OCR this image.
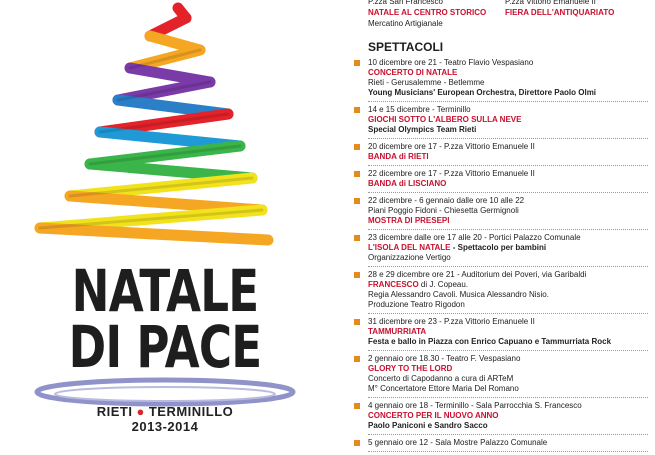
NATALE
DI PACE
RIETI ● TERMINILLO
2013-2014
P.zza San Francesco
NATALE AL CENTRO STORICO
Mercatino Artigianale
P.zza Vittorio Emanuele II
FIERA DELL'ANTIQUARIATO
SPETTACOLI
10 dicembre ore 21 - Teatro Flavio Vespasiano
CONCERTO DI NATALE
Rieti - Gerusalemme - Betlemme
Young Musicians' European Orchestra, Direttore Paolo Olmi
14 e 15 dicembre - Terminillo
GIOCHI SOTTO L'ALBERO SULLA NEVE
Special Olympics Team Rieti
20 dicembre ore 17 - P.zza Vittorio Emanuele II
BANDA di RIETI
22 dicembre ore 17 - P.zza Vittorio Emanuele II
BANDA di LISCIANO
22 dicembre - 6 gennaio dalle ore 10 alle 22
Piani Poggio Fidoni - Chiesetta Germignoli
MOSTRA DI PRESEPI
23 dicembre dalle ore 17 alle 20 - Portici Palazzo Comunale
L'ISOLA DEL NATALE - Spettacolo per bambini
Organizzazione Vertigo
28 e 29 dicembre ore 21 - Auditorium dei Poveri, via Garibaldi
FRANCESCO di J. Copeau.
Regia Alessandro Cavoli. Musica Alessandro Nisio.
Produzione Teatro Rigodon
31 dicembre ore 23 - P.zza Vittorio Emanuele II
TAMMURRIATA
Festa e ballo in Piazza con Enrico Capuano e Tammurriata Rock
2 gennaio ore 18.30 - Teatro F. Vespasiano
GLORY TO THE LORD
Concerto di Capodanno a cura di ARTeM
M° Concertatore Ettore Maria Del Romano
4 gennaio ore 18 - Terminillo - Sala Parrocchia S. Francesco
CONCERTO PER IL NUOVO ANNO
Paolo Paniconi e Sandro Sacco
5 gennaio ore 12 - Sala Mostre Palazzo Comunale
